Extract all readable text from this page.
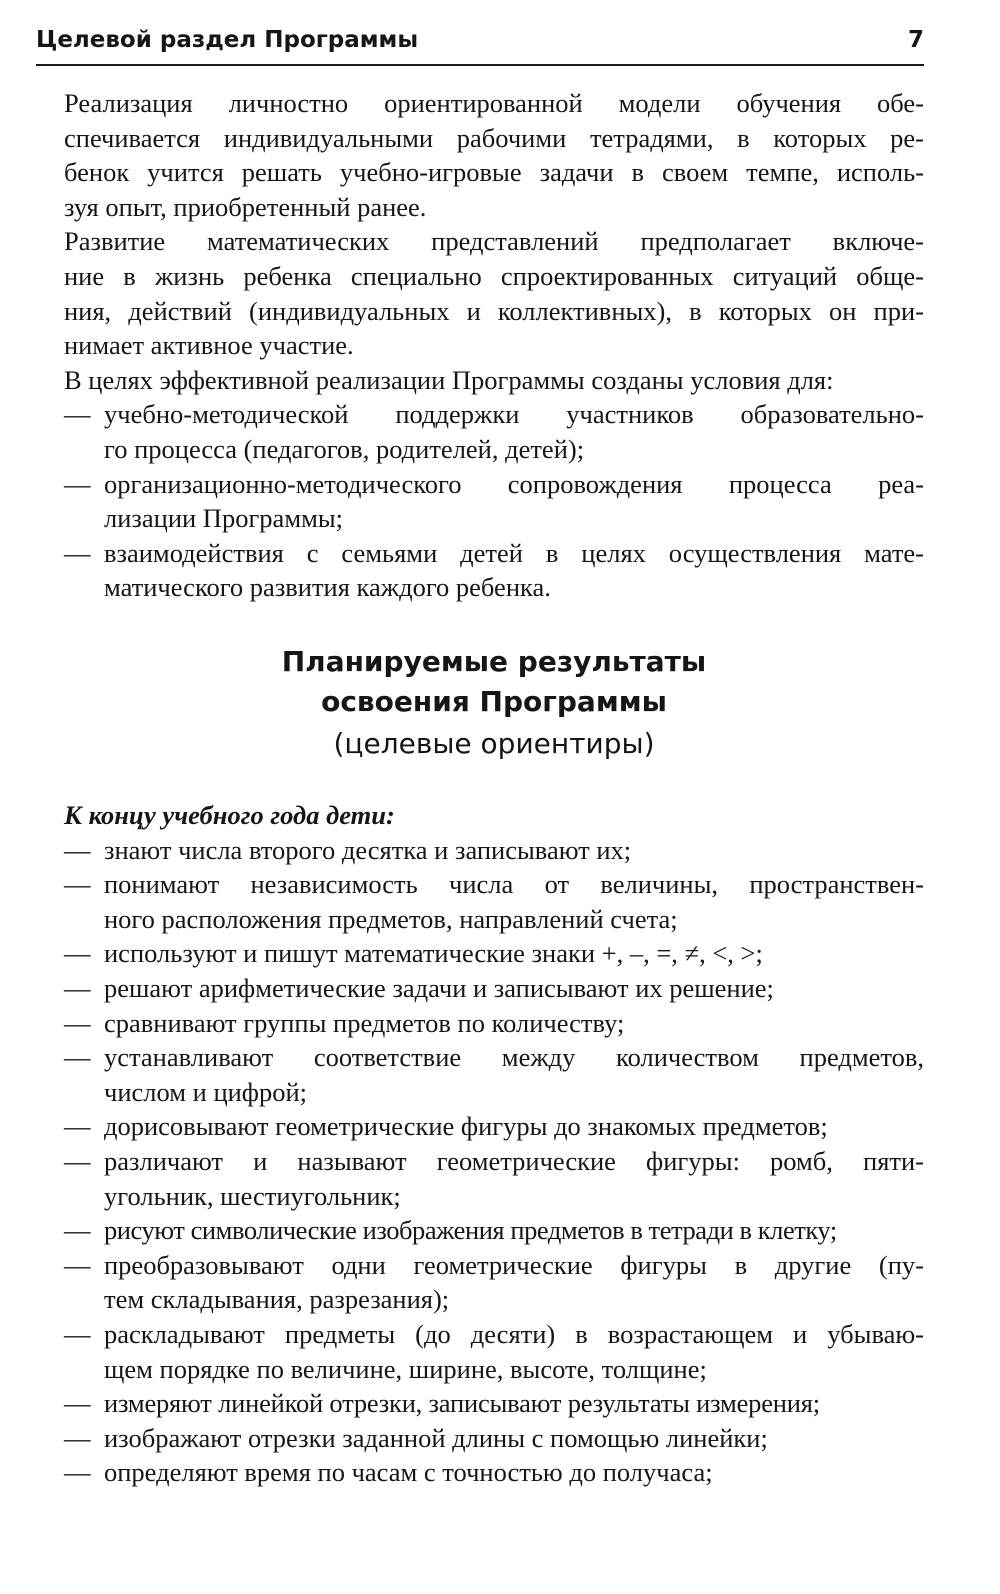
Целевой раздел Программы	7

Реализация личностно ориентированной модели обучения обе-
спечивается индивидуальными рабочими тетрадями, в которых ре-
бенок учится решать учебно-игровые задачи в своем темпе, исполь-
зуя опыт, приобретенный ранее.

Развитие математических представлений предполагает включе-
ние в жизнь ребенка специально спроектированных ситуаций обще-
ния, действий (индивидуальных и коллективных), в которых он при-
нимает активное участие.

В целях эффективной реализации Программы созданы условия для:

— учебно-методической поддержки участников образовательно-
го процесса (педагогов, родителей, детей);
— организационно-методического сопровождения процесса реа-
лизации Программы;
— взаимодействия с семьями детей в целях осуществления мате-
матического развития каждого ребенка.
Планируемые результаты
освоения Программы
(целевые ориентиры)

К концу учебного года дети:

— знают числа второго десятка и записывают их;
— понимают независимость числа от величины, пространствен-
ного расположения предметов, направлений счета;
— используют и пишут математические знаки +, –, =, ≠, <, >;
— решают арифметические задачи и записывают их решение;
— сравнивают группы предметов по количеству;
— устанавливают соответствие между количеством предметов,
числом и цифрой;
— дорисовывают геометрические фигуры до знакомых предметов;
— различают и называют геометрические фигуры: ромб, пяти-
угольник, шестиугольник;
— рисуют символические изображения предметов в тетради в клетку;
— преобразовывают одни геометрические фигуры в другие (пу-
тем складывания, разрезания);
— раскладывают предметы (до десяти) в возрастающем и убываю-
щем порядке по величине, ширине, высоте, толщине;
— измеряют линейкой отрезки, записывают результаты измерения;
— изображают отрезки заданной длины с помощью линейки;
— определяют время по часам с точностью до получаса;
